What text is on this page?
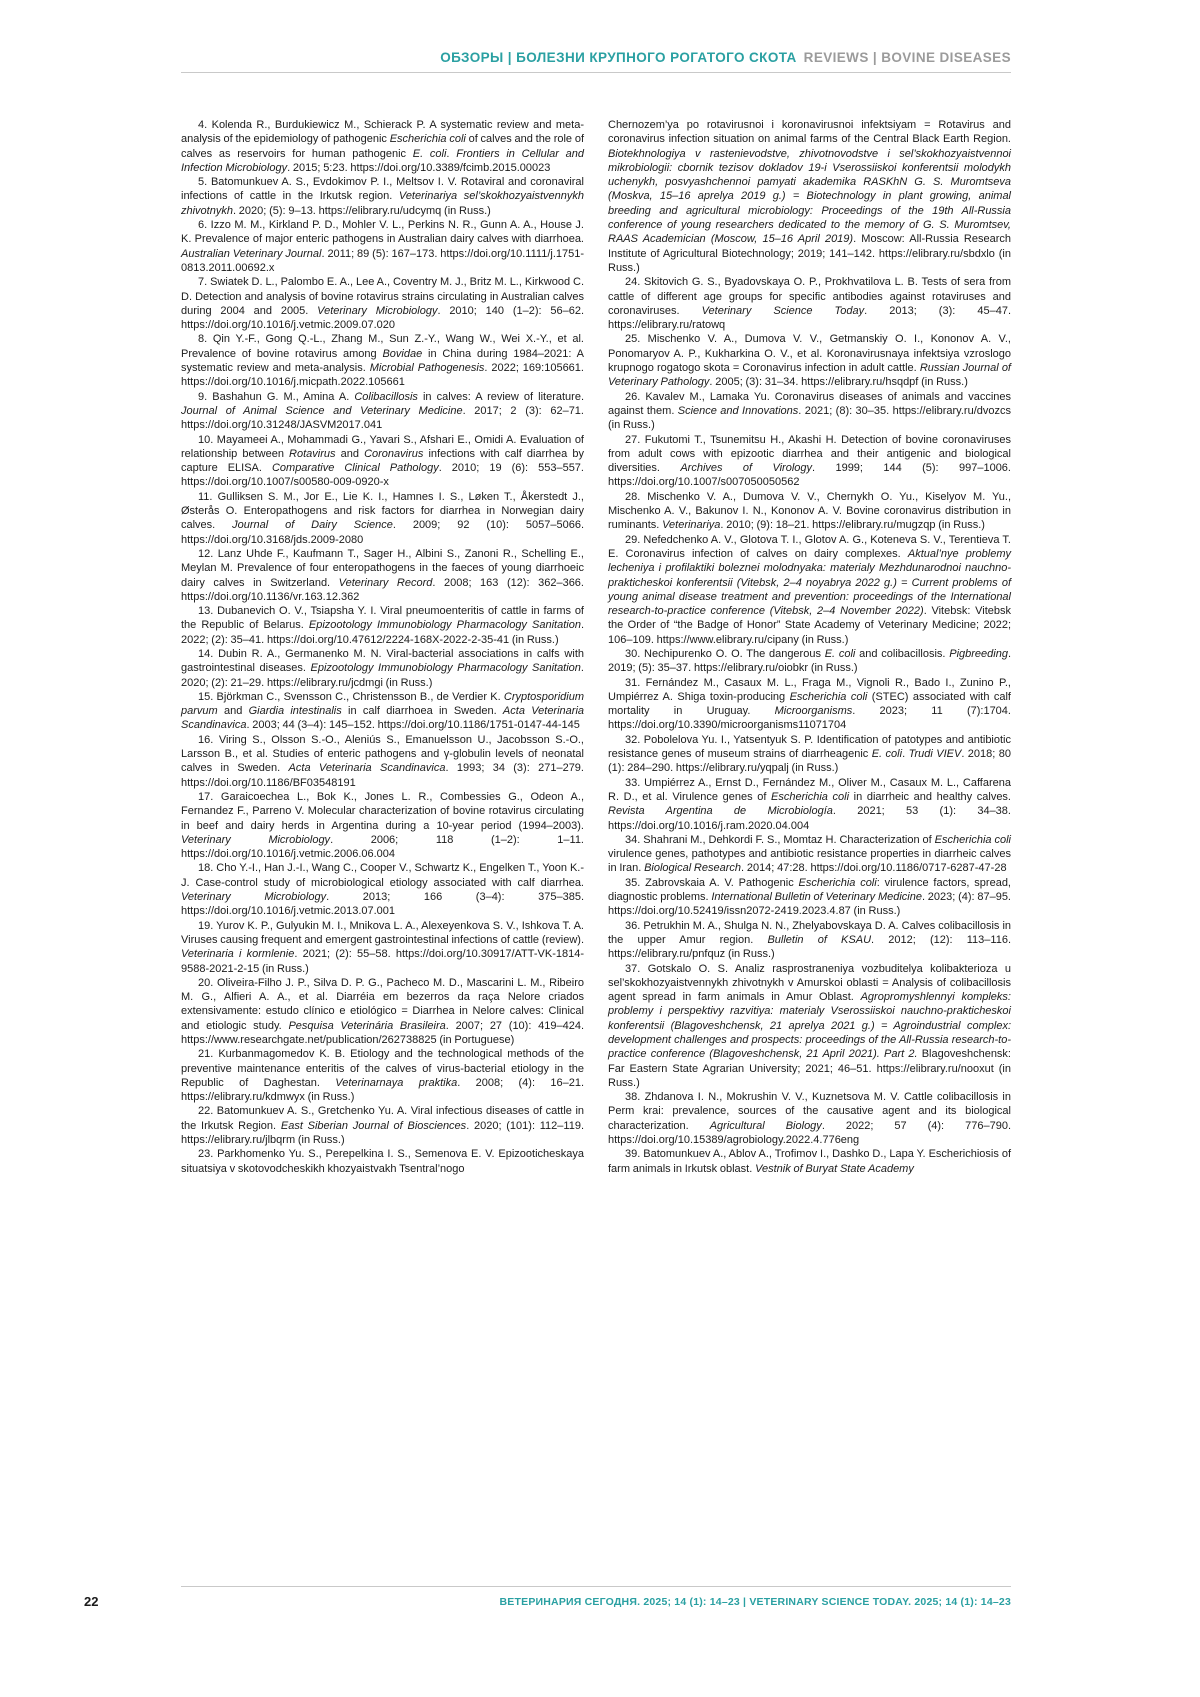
ОБЗОРЫ | БОЛЕЗНИ КРУПНОГО РОГАТОГО СКОТА REVIEWS | BOVINE DISEASES

4. Kolenda R., Burdukiewicz M., Schierack P. A systematic review and meta-analysis of the epidemiology of pathogenic Escherichia coli of calves and the role of calves as reservoirs for human pathogenic E. coli. Frontiers in Cellular and Infection Microbiology. 2015; 5:23. https://doi.org/10.3389/fcimb.2015.00023

5. Batomunkuev A. S., Evdokimov P. I., Meltsov I. V. Rotaviral and coronaviral infections of cattle in the Irkutsk region. Veterinariya sel’skokhozyaistvennykh zhivotnykh. 2020; (5): 9–13. https://elibrary.ru/udcymq (in Russ.)

6. Izzo M. M., Kirkland P. D., Mohler V. L., Perkins N. R., Gunn A. A., House J. K. Prevalence of major enteric pathogens in Australian dairy calves with diarrhoea. Australian Veterinary Journal. 2011; 89 (5): 167–173. https://doi.org/10.1111/j.1751-0813.2011.00692.x

7. Swiatek D. L., Palombo E. A., Lee A., Coventry M. J., Britz M. L., Kirkwood C. D. Detection and analysis of bovine rotavirus strains circulating in Australian calves during 2004 and 2005. Veterinary Microbiology. 2010; 140 (1–2): 56–62. https://doi.org/10.1016/j.vetmic.2009.07.020

8. Qin Y.-F., Gong Q.-L., Zhang M., Sun Z.-Y., Wang W., Wei X.-Y., et al. Prevalence of bovine rotavirus among Bovidae in China during 1984–2021: A systematic review and meta-analysis. Microbial Pathogenesis. 2022; 169:105661. https://doi.org/10.1016/j.micpath.2022.105661

9. Bashahun G. M., Amina A. Colibacillosis in calves: A review of literature. Journal of Animal Science and Veterinary Medicine. 2017; 2 (3): 62–71. https://doi.org/10.31248/JASVM2017.041

10. Mayameei A., Mohammadi G., Yavari S., Afshari E., Omidi A. Evaluation of relationship between Rotavirus and Coronavirus infections with calf diarrhea by capture ELISA. Comparative Clinical Pathology. 2010; 19 (6): 553–557. https://doi.org/10.1007/s00580-009-0920-x

11. Gulliksen S. M., Jor E., Lie K. I., Hamnes I. S., Løken T., Åkerstedt J., Østerås O. Enteropathogens and risk factors for diarrhea in Norwegian dairy calves. Journal of Dairy Science. 2009; 92 (10): 5057–5066. https://doi.org/10.3168/jds.2009-2080

12. Lanz Uhde F., Kaufmann T., Sager H., Albini S., Zanoni R., Schelling E., Meylan M. Prevalence of four enteropathogens in the faeces of young diarrhoeic dairy calves in Switzerland. Veterinary Record. 2008; 163 (12): 362–366. https://doi.org/10.1136/vr.163.12.362

13. Dubanevich O. V., Tsiapsha Y. I. Viral pneumoenteritis of cattle in farms of the Republic of Belarus. Epizootology Immunobiology Pharmacology Sanitation. 2022; (2): 35–41. https://doi.org/10.47612/2224-168X-2022-2-35-41 (in Russ.)

14. Dubin R. A., Germanenko M. N. Viral-bacterial associations in calfs with gastrointestinal diseases. Epizootology Immunobiology Pharmacology Sanitation. 2020; (2): 21–29. https://elibrary.ru/jcdmgi (in Russ.)

15. Björkman C., Svensson C., Christensson B., de Verdier K. Cryptosporidium parvum and Giardia intestinalis in calf diarrhoea in Sweden. Acta Veterinaria Scandinavica. 2003; 44 (3–4): 145–152. https://doi.org/10.1186/1751-0147-44-145

16. Viring S., Olsson S.-O., Aleniús S., Emanuelsson U., Jacobsson S.-O., Larsson B., et al. Studies of enteric pathogens and γ-globulin levels of neonatal calves in Sweden. Acta Veterinaria Scandinavica. 1993; 34 (3): 271–279. https://doi.org/10.1186/BF03548191

17. Garaicoechea L., Bok K., Jones L. R., Combessies G., Odeon A., Fernandez F., Parreno V. Molecular characterization of bovine rotavirus circulating in beef and dairy herds in Argentina during a 10-year period (1994–2003). Veterinary Microbiology. 2006; 118 (1–2): 1–11. https://doi.org/10.1016/j.vetmic.2006.06.004

18. Cho Y.-I., Han J.-I., Wang C., Cooper V., Schwartz K., Engelken T., Yoon K.-J. Case-control study of microbiological etiology associated with calf diarrhea. Veterinary Microbiology. 2013; 166 (3–4): 375–385. https://doi.org/10.1016/j.vetmic.2013.07.001

19. Yurov K. P., Gulyukin M. I., Mnikova L. A., Alexeyenkova S. V., Ishkova T. A. Viruses causing frequent and emergent gastrointestinal infections of cattle (review). Veterinaria i kormlenie. 2021; (2): 55–58. https://doi.org/10.30917/ATT-VK-1814-9588-2021-2-15 (in Russ.)

20. Oliveira-Filho J. P., Silva D. P. G., Pacheco M. D., Mascarini L. M., Ribeiro M. G., Alfieri A. A., et al. Diarréia em bezerros da raça Nelore criados extensivamente: estudo clínico e etiológico = Diarrhea in Nelore calves: Clinical and etiologic study. Pesquisa Veterinária Brasileira. 2007; 27 (10): 419–424. https://www.researchgate.net/publication/262738825 (in Portuguese)

21. Kurbanmagomedov K. B. Etiology and the technological methods of the preventive maintenance enteritis of the calves of virus-bacterial etiology in the Republic of Daghestan. Veterinarnaya praktika. 2008; (4): 16–21. https://elibrary.ru/kdmwyx (in Russ.)

22. Batomunkuev A. S., Gretchenko Yu. A. Viral infectious diseases of cattle in the Irkutsk Region. East Siberian Journal of Biosciences. 2020; (101): 112–119. https://elibrary.ru/jlbqrm (in Russ.)

23. Parkhomenko Yu. S., Perepelkina I. S., Semenova E. V. Epizooticheskaya situatsiya v skotovodcheskikh khozyaistvakh Tsentral’nogo

Chernozem’ya po rotavirusnoi i koronavirusnoi infektsiyam = Rotavirus and coronavirus infection situation on animal farms of the Central Black Earth Region. Biotekhnologiya v rastenievodstve, zhivotnovodstve i sel’skokhozyaistvennoi mikrobiologii: cbornik tezisov dokladov 19-i Vserossiiskoi konferentsii molodykh uchenykh, posvyashchennoi pamyati akademika RASKhN G. S. Muromtseva (Moskva, 15–16 aprelya 2019 g.) = Biotechnology in plant growing, animal breeding and agricultural microbiology: Proceedings of the 19th All-Russia conference of young researchers dedicated to the memory of G. S. Muromtsev, RAAS Academician (Moscow, 15–16 April 2019). Moscow: All-Russia Research Institute of Agricultural Biotechnology; 2019; 141–142. https://elibrary.ru/sbdxlo (in Russ.)

24. Skitovich G. S., Byadovskaya O. P., Prokhvatilova L. B. Tests of sera from cattle of different age groups for specific antibodies against rotaviruses and coronaviruses. Veterinary Science Today. 2013; (3): 45–47. https://elibrary.ru/ratowq

25. Mischenko V. A., Dumova V. V., Getmanskiy O. I., Kononov A. V., Ponomaryov A. P., Kukharkina O. V., et al. Koronavirusnaya infektsiya vzroslogo krupnogo rogatogo skota = Coronavirus infection in adult cattle. Russian Journal of Veterinary Pathology. 2005; (3): 31–34. https://elibrary.ru/hsqdpf (in Russ.)

26. Kavalev M., Lamaka Yu. Coronavirus diseases of animals and vaccines against them. Science and Innovations. 2021; (8): 30–35. https://elibrary.ru/dvozcs (in Russ.)

27. Fukutomi T., Tsunemitsu H., Akashi H. Detection of bovine coronaviruses from adult cows with epizootic diarrhea and their antigenic and biological diversities. Archives of Virology. 1999; 144 (5): 997–1006. https://doi.org/10.1007/s007050050562

28. Mischenko V. A., Dumova V. V., Chernykh O. Yu., Kiselyov M. Yu., Mischenko A. V., Bakunov I. N., Kononov A. V. Bovine coronavirus distribution in ruminants. Veterinariya. 2010; (9): 18–21. https://elibrary.ru/mugzqp (in Russ.)

29. Nefedchenko A. V., Glotova T. I., Glotov A. G., Koteneva S. V., Terentieva T. E. Coronavirus infection of calves on dairy complexes. Aktual’nye problemy lecheniya i profilaktiki boleznei molodnyaka: materialy Mezhdunarodnoi nauchno-prakticheskoi konferentsii (Vitebsk, 2–4 noyabrya 2022 g.) = Current problems of young animal disease treatment and prevention: proceedings of the International research-to-practice conference (Vitebsk, 2–4 November 2022). Vitebsk: Vitebsk the Order of “the Badge of Honor” State Academy of Veterinary Medicine; 2022; 106–109. https://www.elibrary.ru/cipany (in Russ.)

30. Nechipurenko O. O. The dangerous E. coli and colibacillosis. Pigbreeding. 2019; (5): 35–37. https://elibrary.ru/oiobkr (in Russ.)

31. Fernández M., Casaux M. L., Fraga M., Vignoli R., Bado I., Zunino P., Umpiérrez A. Shiga toxin-producing Escherichia coli (STEC) associated with calf mortality in Uruguay. Microorganisms. 2023; 11 (7):1704. https://doi.org/10.3390/microorganisms11071704

32. Pobolelova Yu. I., Yatsentyuk S. P. Identification of patotypes and antibiotic resistance genes of museum strains of diarrheagenic E. coli. Trudi VIEV. 2018; 80 (1): 284–290. https://elibrary.ru/yqpalj (in Russ.)

33. Umpiérrez A., Ernst D., Fernández M., Oliver M., Casaux M. L., Caffarena R. D., et al. Virulence genes of Escherichia coli in diarrheic and healthy calves. Revista Argentina de Microbiología. 2021; 53 (1): 34–38. https://doi.org/10.1016/j.ram.2020.04.004

34. Shahrani M., Dehkordi F. S., Momtaz H. Characterization of Escherichia coli virulence genes, pathotypes and antibiotic resistance properties in diarrheic calves in Iran. Biological Research. 2014; 47:28. https://doi.org/10.1186/0717-6287-47-28

35. Zabrovskaia A. V. Pathogenic Escherichia coli: virulence factors, spread, diagnostic problems. International Bulletin of Veterinary Medicine. 2023; (4): 87–95. https://doi.org/10.52419/issn2072-2419.2023.4.87 (in Russ.)

36. Petrukhin M. A., Shulga N. N., Zhelyabovskaya D. A. Calves colibacillosis in the upper Amur region. Bulletin of KSAU. 2012; (12): 113–116. https://elibrary.ru/pnfquz (in Russ.)

37. Gotskalo O. S. Analiz rasprostraneniya vozbuditelya kolibakterioza u sel’skokhozyaistvennykh zhivotnykh v Amurskoi oblasti = Analysis of colibacillosis agent spread in farm animals in Amur Oblast. Agropromyshlennyi kompleks: problemy i perspektivy razvitiya: materialy Vserossiiskoi nauchno-prakticheskoi konferentsii (Blagoveshchensk, 21 aprelya 2021 g.) = Agroindustrial complex: development challenges and prospects: proceedings of the All-Russia research-to-practice conference (Blagoveshchensk, 21 April 2021). Part 2. Blagoveshchensk: Far Eastern State Agrarian University; 2021; 46–51. https://elibrary.ru/nooxut (in Russ.)

38. Zhdanova I. N., Mokrushin V. V., Kuznetsova M. V. Cattle colibacillosis in Perm krai: prevalence, sources of the causative agent and its biological characterization. Agricultural Biology. 2022; 57 (4): 776–790. https://doi.org/10.15389/agrobiology.2022.4.776eng

39. Batomunkuev A., Ablov A., Trofimov I., Dashko D., Lapa Y. Escherichiosis of farm animals in Irkutsk oblast. Vestnik of Buryat State Academy

22	ВЕТЕРИНАРИЯ СЕГОДНЯ. 2025; 14 (1): 14–23 | VETERINARY SCIENCE TODAY. 2025; 14 (1): 14–23
